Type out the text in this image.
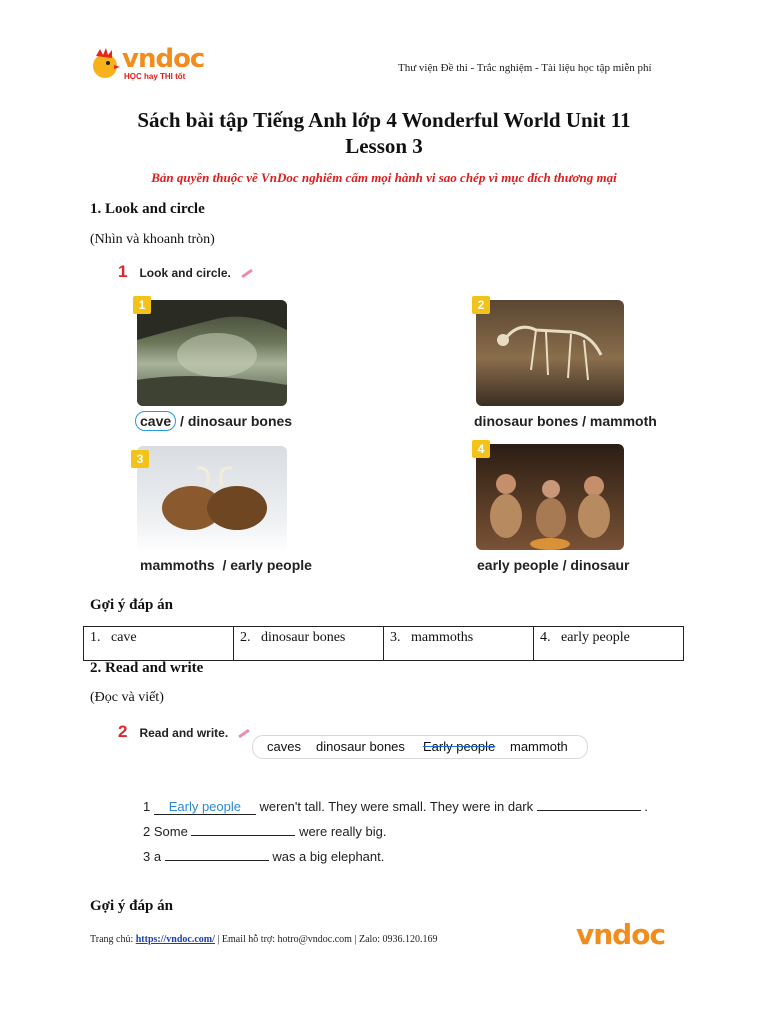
vndoc
HỌC hay THI tốt
Thư viện Đề thi - Trắc nghiệm - Tài liệu học tập miễn phí
Sách bài tập Tiếng Anh lớp 4 Wonderful World Unit 11
Lesson 3
Bản quyền thuộc về VnDoc nghiêm cấm mọi hành vi sao chép vì mục đích thương mại
1. Look and circle
(Nhìn và khoanh tròn)
1 Look and circle.
1
cave / dinosaur bones
2
dinosaur bones / mammoth
3
mammoths  / early people
4
early people / dinosaur
Gợi ý đáp án
1. cave	2. dinosaur bones	3. mammoths	4. early people
2. Read and write
(Đọc và viết)
2 Read and write.
caves dinosaur bones Early people mammoth
1 Early people weren't tall. They were small. They were in dark	.
2 Some	were really big.
3 a	was a big elephant.
Gợi ý đáp án
Trang chủ: https://vndoc.com/ | Email hỗ trợ: hotro@vndoc.com | Zalo: 0936.120.169	vndoc
